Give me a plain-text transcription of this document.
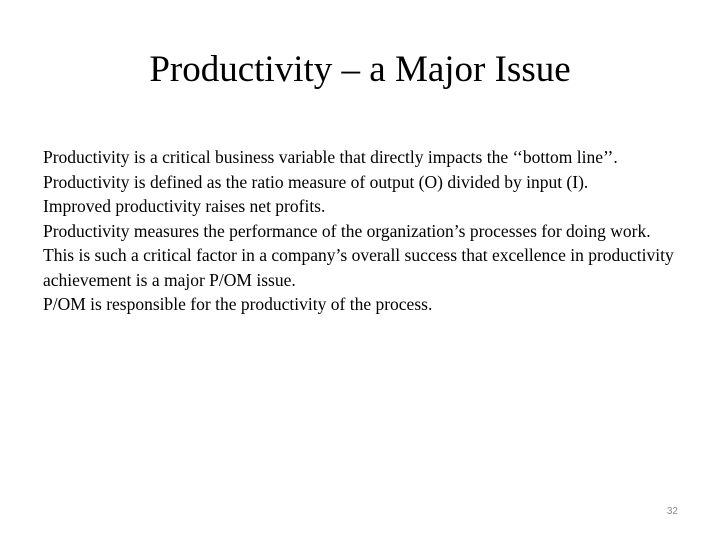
Productivity – a Major Issue
Productivity is a critical business variable that directly impacts the ‘‘bottom line’’.
Productivity is defined as the ratio measure of output (O) divided by input (I).
Improved productivity raises net profits.
Productivity measures the performance of the organization’s processes for doing work.
This is such a critical factor in a company’s overall success that excellence in productivity achievement is a major P/OM issue.
P/OM is responsible for the productivity of the process.
32
